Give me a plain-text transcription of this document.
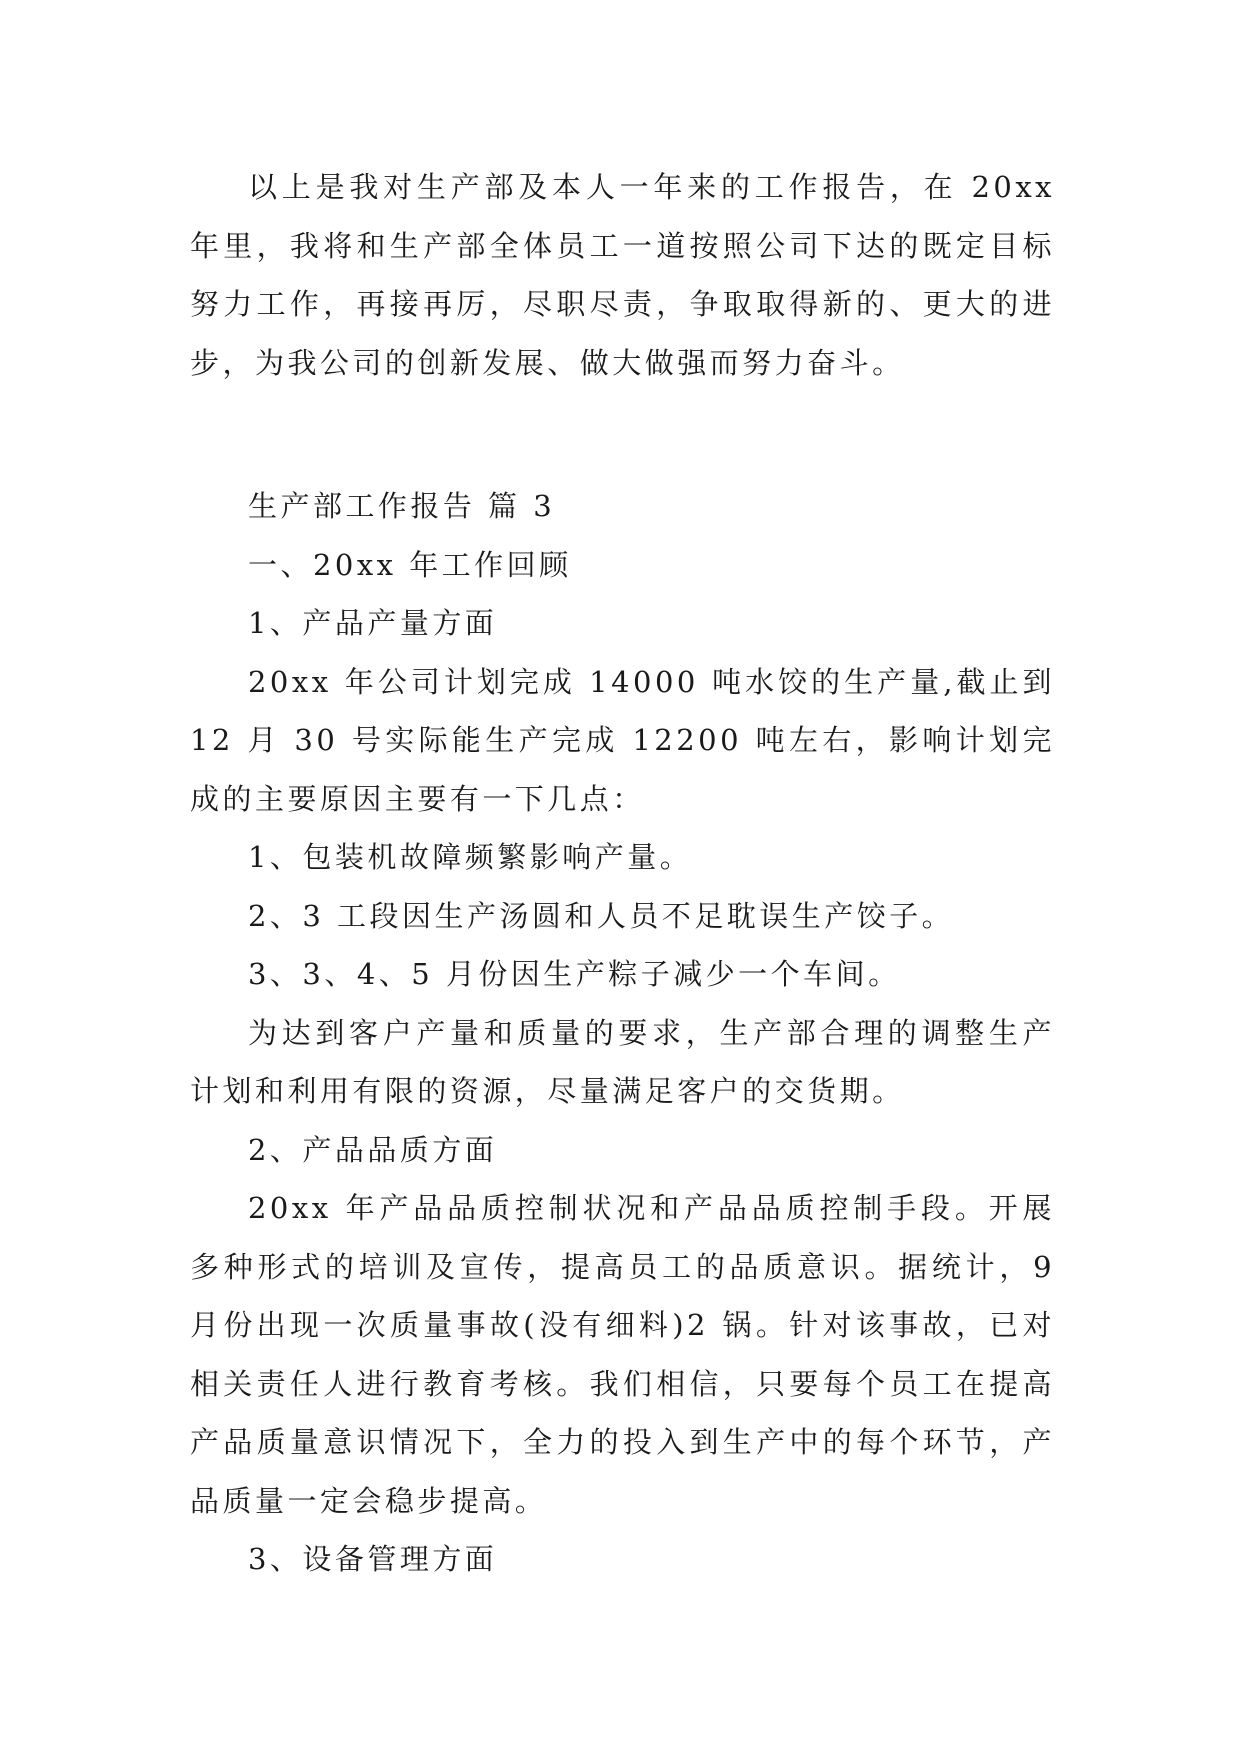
以上是我对生产部及本人一年来的工作报告，在 20xx 年里，我将和生产部全体员工一道按照公司下达的既定目标努力工作，再接再厉，尽职尽责，争取取得新的、更大的进步，为我公司的创新发展、做大做强而努力奋斗。

生产部工作报告 篇 3

一、20xx 年工作回顾

1、产品产量方面

20xx 年公司计划完成 14000 吨水饺的生产量,截止到 12 月 30 号实际能生产完成 12200 吨左右，影响计划完成的主要原因主要有一下几点：

1、包装机故障频繁影响产量。

2、3 工段因生产汤圆和人员不足耽误生产饺子。

3、3、4、5 月份因生产粽子减少一个车间。

为达到客户产量和质量的要求，生产部合理的调整生产计划和利用有限的资源，尽量满足客户的交货期。

2、产品品质方面

20xx 年产品品质控制状况和产品品质控制手段。开展多种形式的培训及宣传，提高员工的品质意识。据统计，9 月份出现一次质量事故(没有细料)2 锅。针对该事故，已对相关责任人进行教育考核。我们相信，只要每个员工在提高产品质量意识情况下，全力的投入到生产中的每个环节，产品质量一定会稳步提高。

3、设备管理方面
